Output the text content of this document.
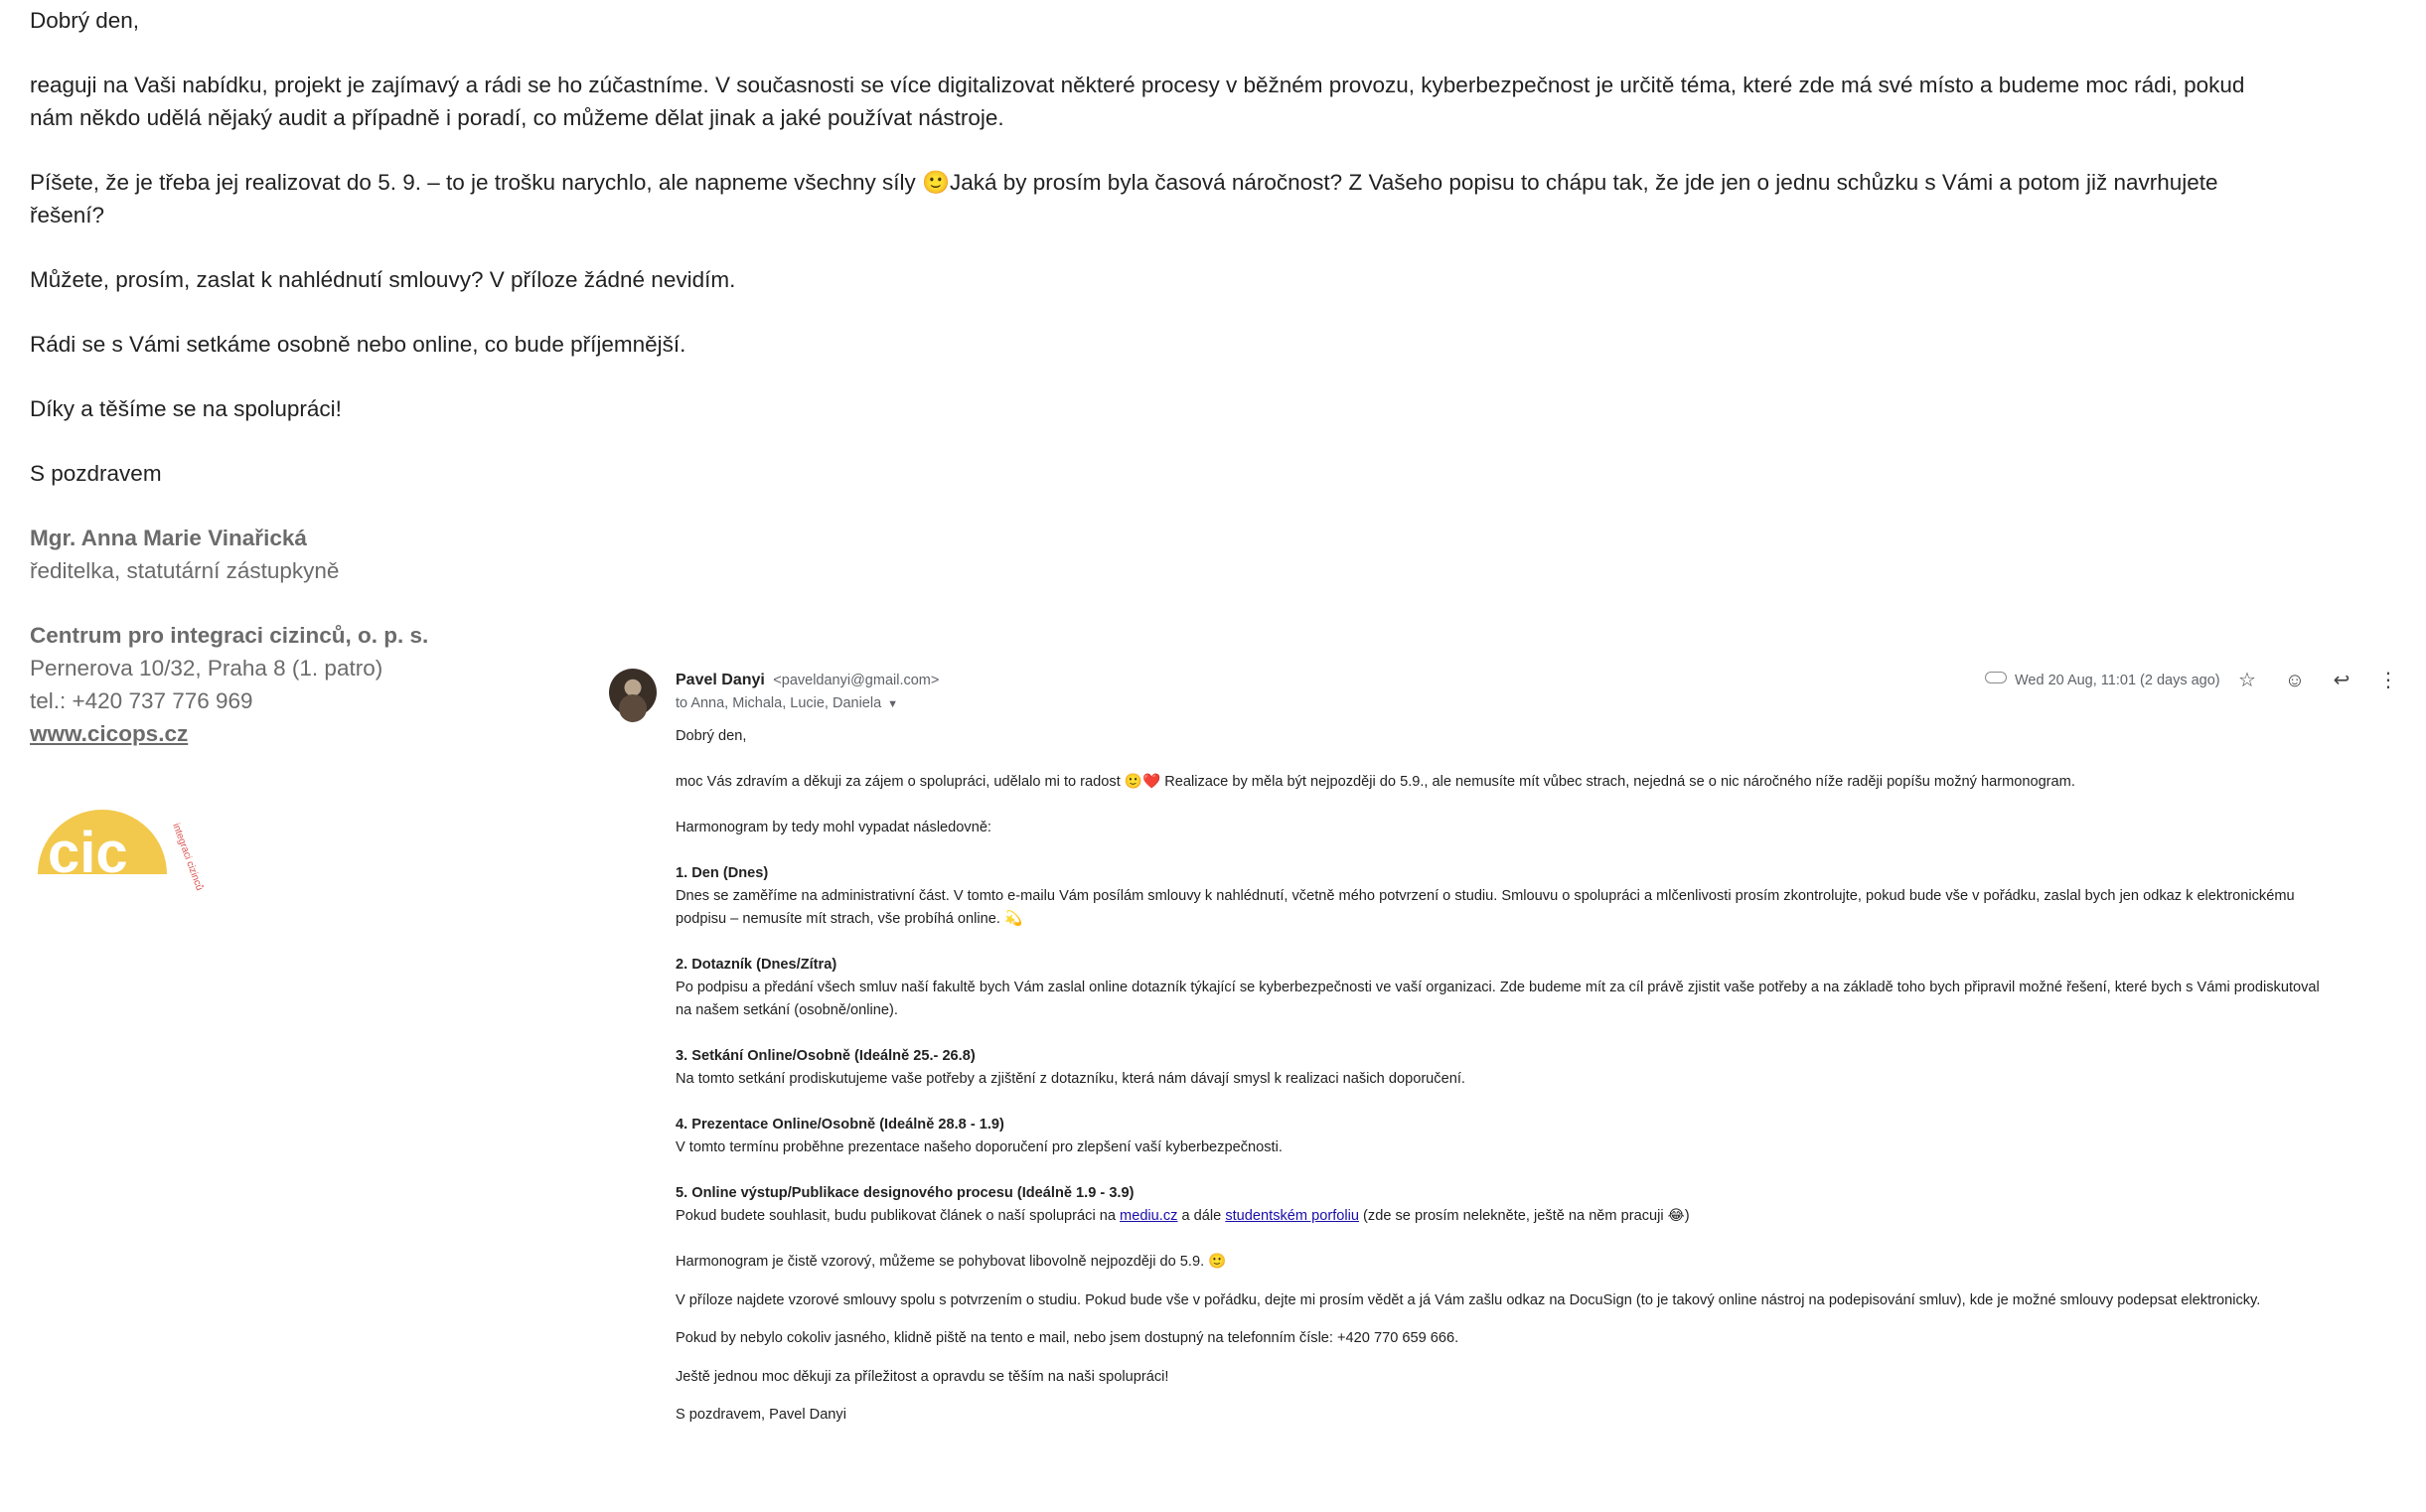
Dobrý den,

reaguji na Vaši nabídku, projekt je zajímavý a rádi se ho zúčastníme. V současnosti se více digitalizovat některé procesy v běžném provozu, kyberbezpečnost je určitě téma, které zde má své místo a budeme moc rádi, pokud

nám někdo udělá nějaký audit a případně i poradí, co můžeme dělat jinak a jaké používat nástroje.

Píšete, že je třeba jej realizovat do 5. 9. – to je trošku narychlo, ale napneme všechny síly 🙂Jaká by prosím byla časová náročnost? Z Vašeho popisu to chápu tak, že jde jen o jednu schůzku s Vámi a potom již navrhujete

řešení?

Můžete, prosím, zaslat k nahlédnutí smlouvy? V příloze žádné nevidím.

Rádi se s Vámi setkáme osobně nebo online, co bude příjemnější.

Díky a těšíme se na spolupráci!

S pozdravem

Mgr. Anna Marie Vinařická

ředitelka, statutární zástupkyně

Centrum pro integraci cizinců, o. p. s.

Pernerova 10/32, Praha 8 (1. patro)

tel.: +420 737 776 969

www.cicops.cz

cic	integraci cizinců
Pavel Danyi <paveldanyi@gmail.com>
to Anna, Michala, Lucie, Daniela ▼
Wed 20 Aug, 11:01 (2 days ago) ☆ ☺ ↩ ⋮

Dobrý den,

moc Vás zdravím a děkuji za zájem o spolupráci, udělalo mi to radost 🙂❤️ Realizace by měla být nejpozději do 5.9., ale nemusíte mít vůbec strach, nejedná se o nic náročného níže raději popíšu možný harmonogram.

Harmonogram by tedy mohl vypadat následovně:

1. Den (Dnes)

Dnes se zaměříme na administrativní část. V tomto e-mailu Vám posílám smlouvy k nahlédnutí, včetně mého potvrzení o studiu. Smlouvu o spolupráci a mlčenlivosti prosím zkontrolujte, pokud bude vše v pořádku, zaslal bych jen odkaz k elektronickému

podpisu – nemusíte mít strach, vše probíhá online. 💫

2. Dotazník (Dnes/Zítra)

Po podpisu a předání všech smluv naší fakultě bych Vám zaslal online dotazník týkající se kyberbezpečnosti ve vaší organizaci. Zde budeme mít za cíl právě zjistit vaše potřeby a na základě toho bych připravil možné řešení, které bych s Vámi prodiskutoval

na našem setkání (osobně/online).

3. Setkání Online/Osobně (Ideálně 25.- 26.8)

Na tomto setkání prodiskutujeme vaše potřeby a zjištění z dotazníku, která nám dávají smysl k realizaci našich doporučení.

4. Prezentace Online/Osobně (Ideálně 28.8 - 1.9)

V tomto termínu proběhne prezentace našeho doporučení pro zlepšení vaší kyberbezpečnosti.

5. Online výstup/Publikace designového procesu (Ideálně 1.9 - 3.9)

Pokud budete souhlasit, budu publikovat článek o naší spolupráci na mediu.cz a dále studentském porfoliu (zde se prosím nelekněte, ještě na něm pracuji 😂)

Harmonogram je čistě vzorový, můžeme se pohybovat libovolně nejpozději do 5.9. 🙂

V příloze najdete vzorové smlouvy spolu s potvrzením o studiu. Pokud bude vše v pořádku, dejte mi prosím vědět a já Vám zašlu odkaz na DocuSign (to je takový online nástroj na podepisování smluv), kde je možné smlouvy podepsat elektronicky.

Pokud by nebylo cokoliv jasného, klidně piště na tento e mail, nebo jsem dostupný na telefonním čísle: +420 770 659 666.

Ještě jednou moc děkuji za příležitost a opravdu se těším na naši spolupráci!

S pozdravem, Pavel Danyi
